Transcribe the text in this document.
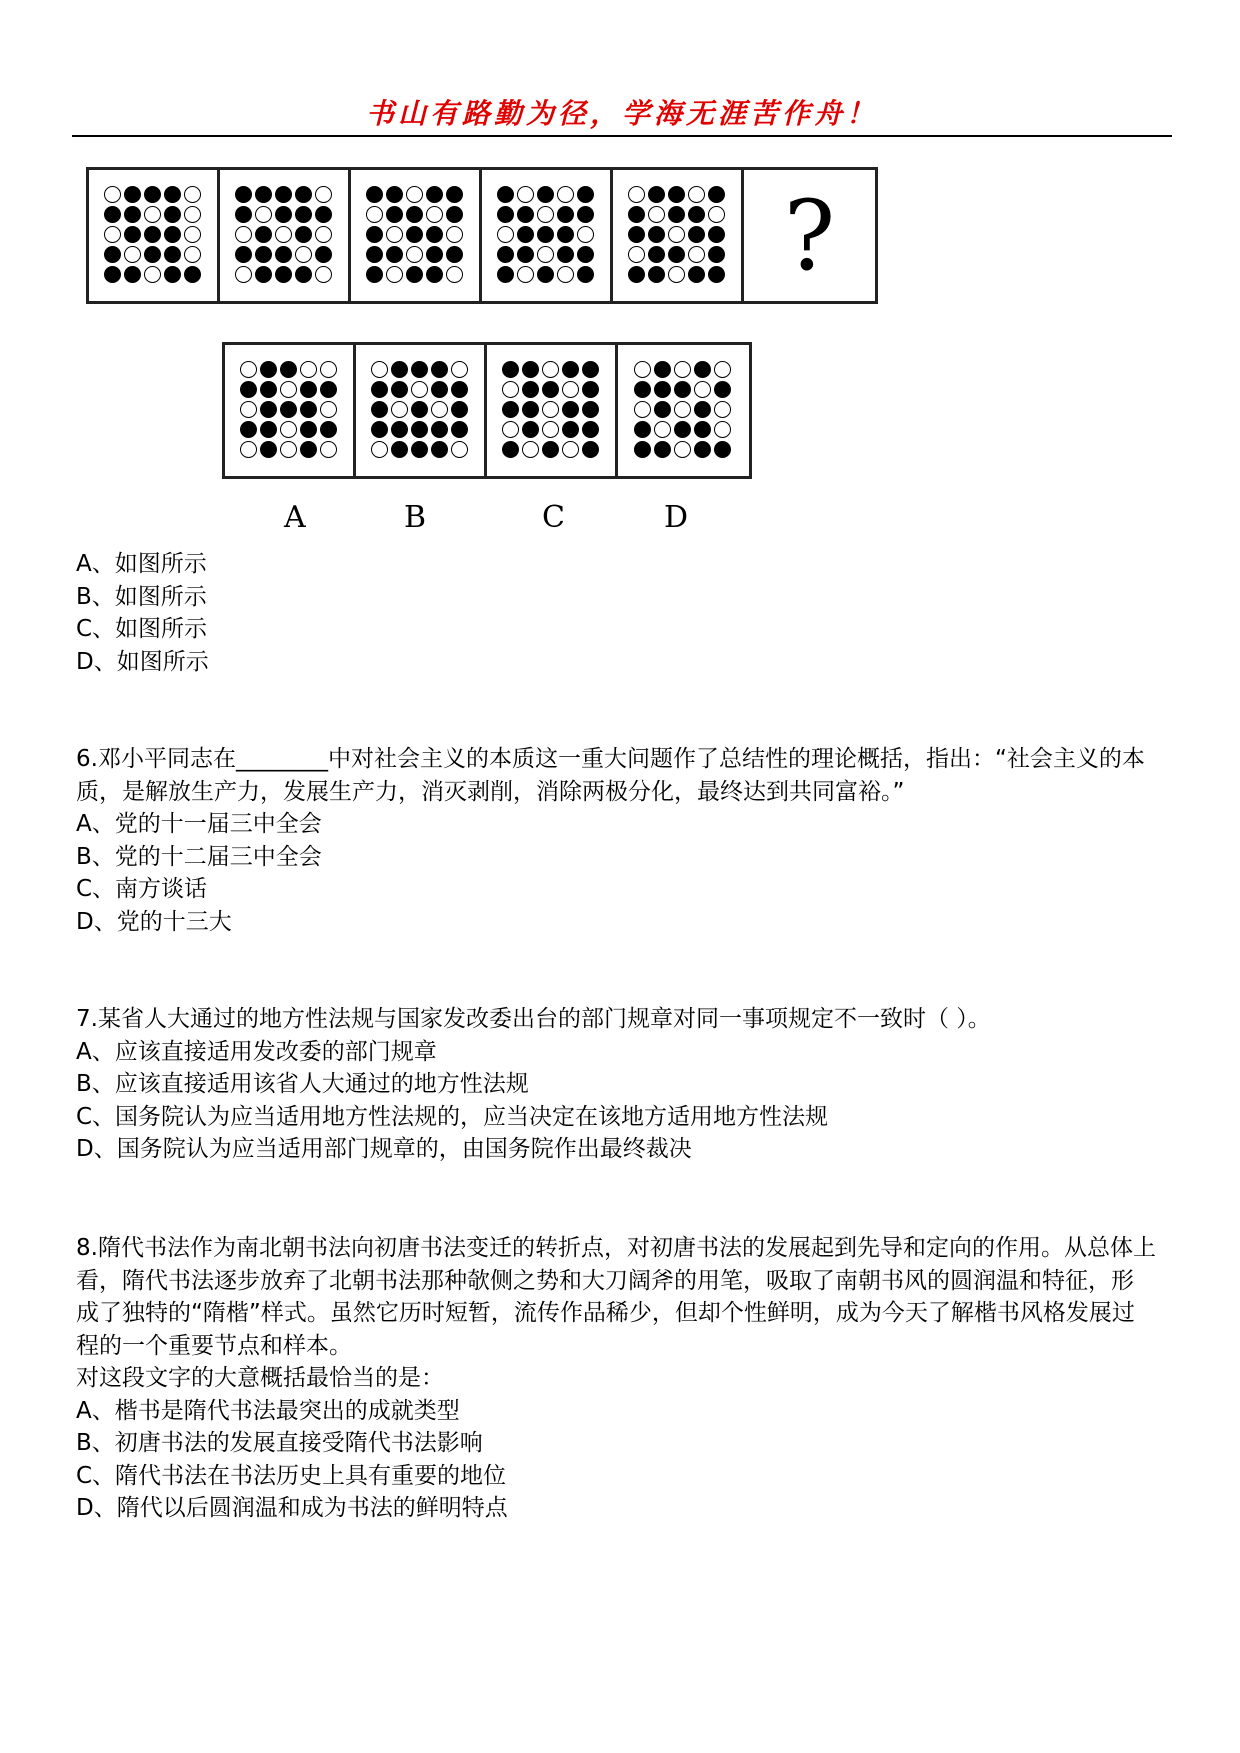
书山有路勤为径，学海无涯苦作舟！
?
A	B	C	D

A、如图所示

B、如图所示

C、如图所示

D、如图所示

6.邓小平同志在________中对社会主义的本质这一重大问题作了总结性的理论概括，指出：“社会主义的本质，是解放生产力，发展生产力，消灭剥削，消除两极分化，最终达到共同富裕。”

A、党的十一届三中全会

B、党的十二届三中全会

C、南方谈话

D、党的十三大

7.某省人大通过的地方性法规与国家发改委出台的部门规章对同一事项规定不一致时（ ）。

A、应该直接适用发改委的部门规章

B、应该直接适用该省人大通过的地方性法规

C、国务院认为应当适用地方性法规的，应当决定在该地方适用地方性法规

D、国务院认为应当适用部门规章的，由国务院作出最终裁决

8.隋代书法作为南北朝书法向初唐书法变迁的转折点，对初唐书法的发展起到先导和定向的作用。从总体上看，隋代书法逐步放弃了北朝书法那种欹侧之势和大刀阔斧的用笔，吸取了南朝书风的圆润温和特征，形成了独特的“隋楷”样式。虽然它历时短暂，流传作品稀少，但却个性鲜明，成为今天了解楷书风格发展过程的一个重要节点和样本。

对这段文字的大意概括最恰当的是：

A、楷书是隋代书法最突出的成就类型

B、初唐书法的发展直接受隋代书法影响

C、隋代书法在书法历史上具有重要的地位

D、隋代以后圆润温和成为书法的鲜明特点
